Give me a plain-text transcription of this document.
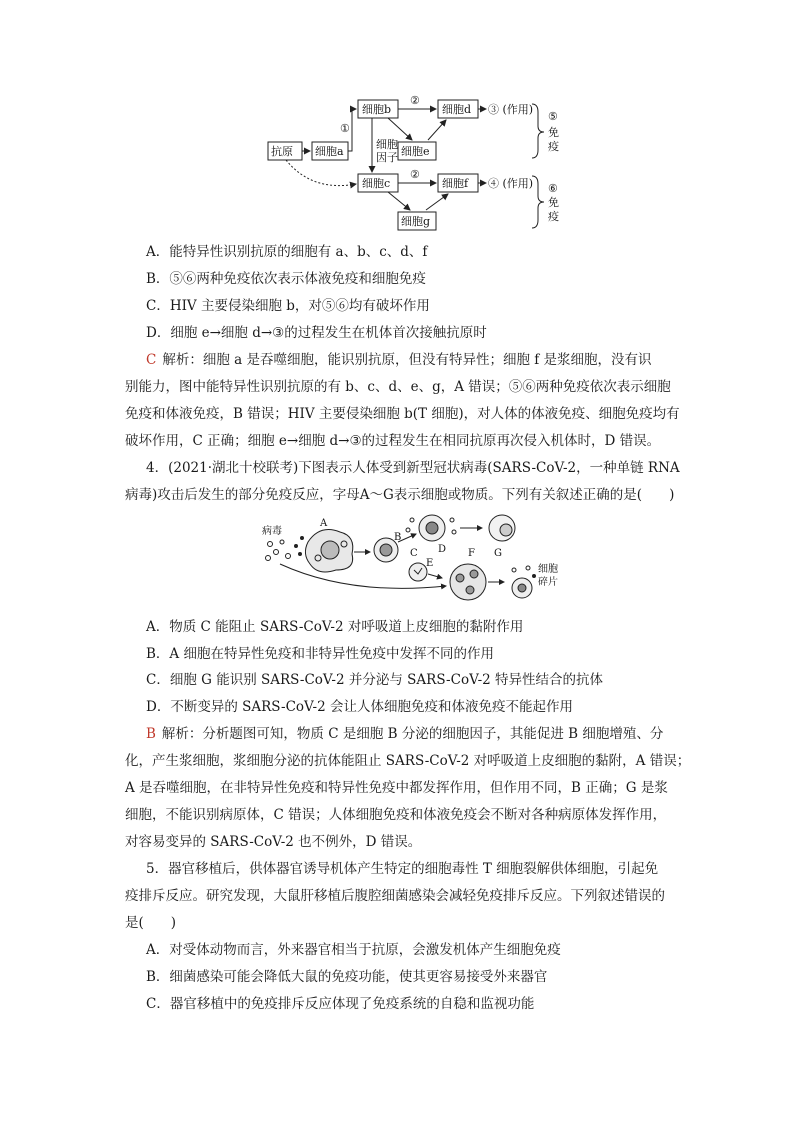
抗原 细胞a
细胞b	细胞d
细胞e
细胞c	细胞f
细胞g
①
②
②
细胞
因子
③ (作用)
④ (作用)
⑤
免
疫
⑥
免
疫
A．能特异性识别抗原的细胞有 a、b、c、d、f
B．⑤⑥两种免疫依次表示体液免疫和细胞免疫
C．HIV 主要侵染细胞 b，对⑤⑥均有破坏作用
D．细胞 e→细胞 d→③的过程发生在机体首次接触抗原时
C 解析：细胞 a 是吞噬细胞，能识别抗原，但没有特异性；细胞 f 是浆细胞，没有识
别能力，图中能特异性识别抗原的有 b、c、d、e、g，A 错误；⑤⑥两种免疫依次表示细胞
免疫和体液免疫，B 错误；HIV 主要侵染细胞 b(T 细胞)，对人体的体液免疫、细胞免疫均有
破坏作用，C 正确；细胞 e→细胞 d→③的过程发生在相同抗原再次侵入机体时，D 错误。
4．(2021·湖北十校联考)下图表示人体受到新型冠状病毒(SARS-CoV-2，一种单链 RNA
病毒)攻击后发生的部分免疫反应，字母A～G表示细胞或物质。下列有关叙述正确的是(　　)
病毒
A
B
C D
E
F G
细胞
碎片
A．物质 C 能阻止 SARS-CoV-2 对呼吸道上皮细胞的黏附作用
B．A 细胞在特异性免疫和非特异性免疫中发挥不同的作用
C．细胞 G 能识别 SARS-CoV-2 并分泌与 SARS-CoV-2 特异性结合的抗体
D．不断变异的 SARS-CoV-2 会让人体细胞免疫和体液免疫不能起作用
B 解析：分析题图可知，物质 C 是细胞 B 分泌的细胞因子，其能促进 B 细胞增殖、分
化，产生浆细胞，浆细胞分泌的抗体能阻止 SARS-CoV-2 对呼吸道上皮细胞的黏附，A 错误；
A 是吞噬细胞，在非特异性免疫和特异性免疫中都发挥作用，但作用不同，B 正确；G 是浆
细胞，不能识别病原体，C 错误；人体细胞免疫和体液免疫会不断对各种病原体发挥作用，
对容易变异的 SARS-CoV-2 也不例外，D 错误。
5．器官移植后，供体器官诱导机体产生特定的细胞毒性 T 细胞裂解供体细胞，引起免
疫排斥反应。研究发现，大鼠肝移植后腹腔细菌感染会减轻免疫排斥反应。下列叙述错误的
是(　　)
A．对受体动物而言，外来器官相当于抗原，会激发机体产生细胞免疫
B．细菌感染可能会降低大鼠的免疫功能，使其更容易接受外来器官
C．器官移植中的免疫排斥反应体现了免疫系统的自稳和监视功能
